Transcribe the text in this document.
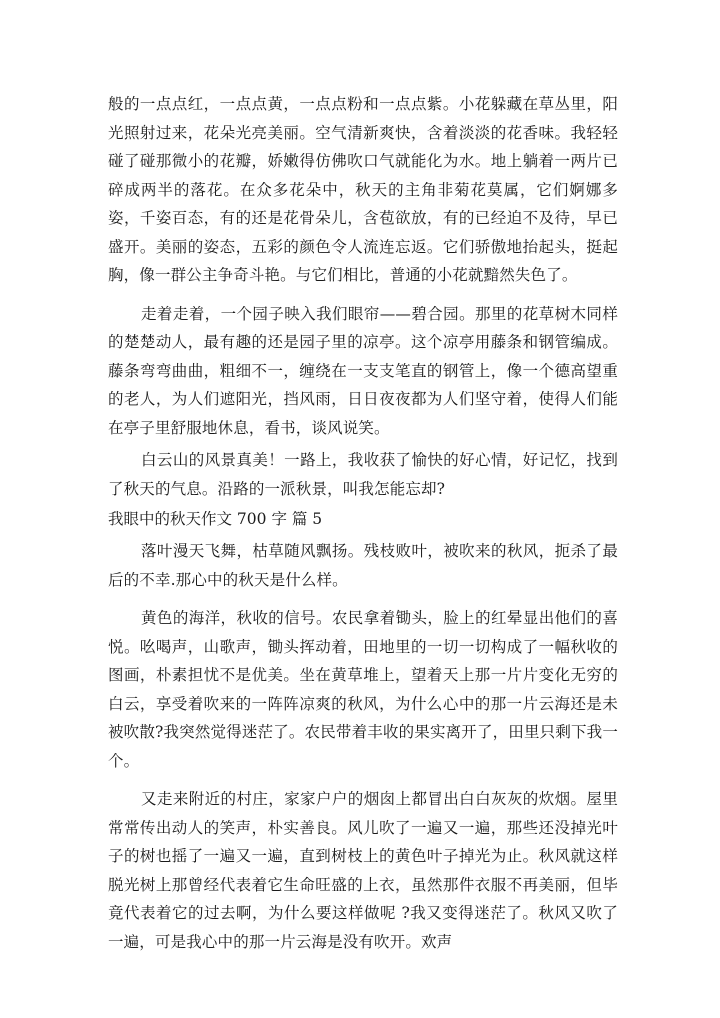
般的一点点红，一点点黄，一点点粉和一点点紫。小花躲藏在草丛里，阳光照射过来，花朵光亮美丽。空气清新爽快，含着淡淡的花香味。我轻轻碰了碰那微小的花瓣，娇嫩得仿佛吹口气就能化为水。地上躺着一两片已碎成两半的落花。在众多花朵中，秋天的主角非菊花莫属，它们婀娜多姿，千姿百态，有的还是花骨朵儿，含苞欲放，有的已经迫不及待，早已盛开。美丽的姿态，五彩的颜色令人流连忘返。它们骄傲地抬起头，挺起胸，像一群公主争奇斗艳。与它们相比，普通的小花就黯然失色了。

走着走着，一个园子映入我们眼帘——碧合园。那里的花草树木同样的楚楚动人，最有趣的还是园子里的凉亭。这个凉亭用藤条和钢管编成。藤条弯弯曲曲，粗细不一，缠绕在一支支笔直的钢管上，像一个德高望重的老人，为人们遮阳光，挡风雨，日日夜夜都为人们坚守着，使得人们能在亭子里舒服地休息，看书，谈风说笑。

白云山的风景真美！一路上，我收获了愉快的好心情，好记忆，找到了秋天的气息。沿路的一派秋景，叫我怎能忘却?

我眼中的秋天作文 700 字 篇 5

落叶漫天飞舞，枯草随风飘扬。残枝败叶，被吹来的秋风，扼杀了最后的不幸.那心中的秋天是什么样。

黄色的海洋，秋收的信号。农民拿着锄头，脸上的红晕显出他们的喜悦。吆喝声，山歌声，锄头挥动着，田地里的一切一切构成了一幅秋收的图画，朴素担忧不是优美。坐在黄草堆上，望着天上那一片片变化无穷的白云，享受着吹来的一阵阵凉爽的秋风，为什么心中的那一片云海还是未被吹散?我突然觉得迷茫了。农民带着丰收的果实离开了，田里只剩下我一个。

又走来附近的村庄，家家户户的烟囱上都冒出白白灰灰的炊烟。屋里常常传出动人的笑声，朴实善良。风儿吹了一遍又一遍，那些还没掉光叶子的树也摇了一遍又一遍，直到树枝上的黄色叶子掉光为止。秋风就这样脱光树上那曾经代表着它生命旺盛的上衣，虽然那件衣服不再美丽，但毕竟代表着它的过去啊，为什么要这样做呢 ?我又变得迷茫了。秋风又吹了一遍，可是我心中的那一片云海是没有吹开。欢声
